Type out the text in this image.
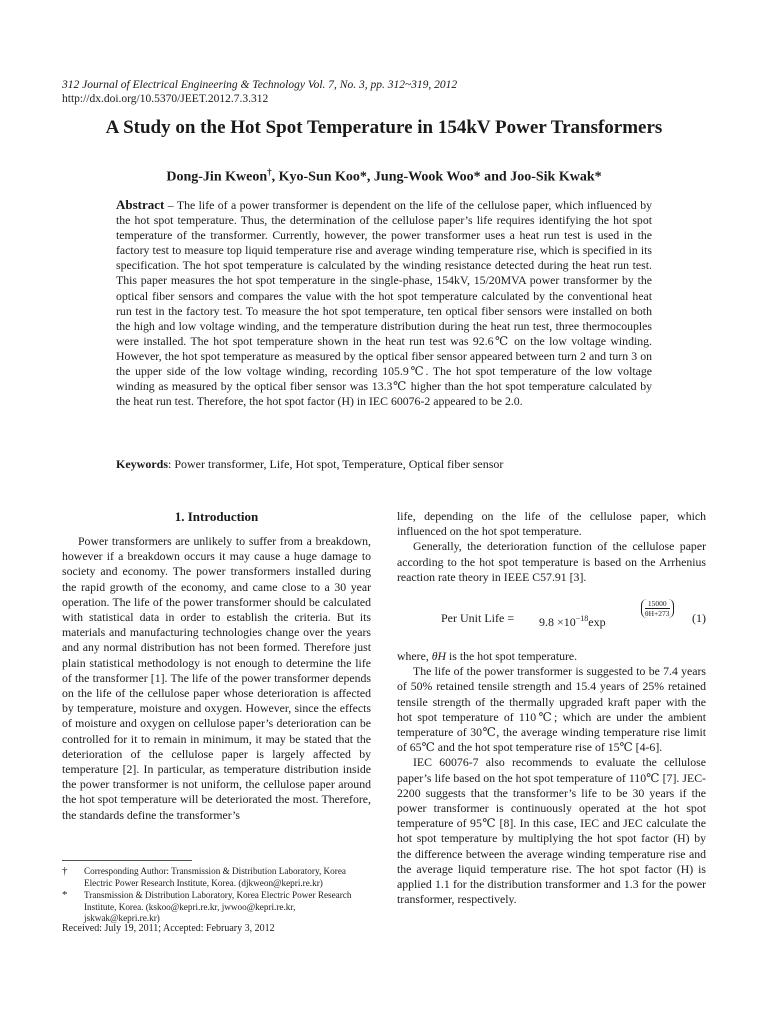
312 Journal of Electrical Engineering & Technology Vol. 7, No. 3, pp. 312~319, 2012
http://dx.doi.org/10.5370/JEET.2012.7.3.312
A Study on the Hot Spot Temperature in 154kV Power Transformers
Dong-Jin Kweon†, Kyo-Sun Koo*, Jung-Wook Woo* and Joo-Sik Kwak*
Abstract – The life of a power transformer is dependent on the life of the cellulose paper, which influenced by the hot spot temperature. Thus, the determination of the cellulose paper’s life requires identifying the hot spot temperature of the transformer. Currently, however, the power transformer uses a heat run test is used in the factory test to measure top liquid temperature rise and average winding temperature rise, which is specified in its specification. The hot spot temperature is calculated by the winding resistance detected during the heat run test. This paper measures the hot spot temperature in the single-phase, 154kV, 15/20MVA power transformer by the optical fiber sensors and compares the value with the hot spot temperature calculated by the conventional heat run test in the factory test. To measure the hot spot temperature, ten optical fiber sensors were installed on both the high and low voltage winding, and the temperature distribution during the heat run test, three thermocouples were installed. The hot spot temperature shown in the heat run test was 92.6℃ on the low voltage winding. However, the hot spot temperature as measured by the optical fiber sensor appeared between turn 2 and turn 3 on the upper side of the low voltage winding, recording 105.9℃. The hot spot temperature of the low voltage winding as measured by the optical fiber sensor was 13.3℃ higher than the hot spot temperature calculated by the heat run test. Therefore, the hot spot factor (H) in IEC 60076-2 appeared to be 2.0.
Keywords: Power transformer, Life, Hot spot, Temperature, Optical fiber sensor
1. Introduction

Power transformers are unlikely to suffer from a breakdown, however if a breakdown occurs it may cause a huge damage to society and economy. The power transformers installed during the rapid growth of the economy, and came close to a 30 year operation. The life of the power transformer should be calculated with statistical data in order to establish the criteria. But its materials and manufacturing technologies change over the years and any normal distribution has not been formed. Therefore just plain statistical methodology is not enough to determine the life of the transformer [1]. The life of the power transformer depends on the life of the cellulose paper whose deterioration is affected by temperature, moisture and oxygen. However, since the effects of moisture and oxygen on cellulose paper’s deterioration can be controlled for it to remain in minimum, it may be stated that the deterioration of the cellulose paper is largely affected by temperature [2]. In particular, as temperature distribution inside the power transformer is not uniform, the cellulose paper around the hot spot temperature will be deteriorated the most. Therefore, the standards define the transformer’s

life, depending on the life of the cellulose paper, which influenced on the hot spot temperature.

Generally, the deterioration function of the cellulose paper according to the hot spot temperature is based on the Arrhenius reaction rate theory in IEEE C57.91 [3].

Per Unit Life = $9.8 \times 10^{-18}\exp$
$\frac{15000}{\theta H+273} (1)$

where, θH is the hot spot temperature.

The life of the power transformer is suggested to be 7.4 years of 50% retained tensile strength and 15.4 years of 25% retained tensile strength of the thermally upgraded kraft paper with the hot spot temperature of 110℃; which are under the ambient temperature of 30℃, the average winding temperature rise limit of 65℃ and the hot spot temperature rise of 15℃ [4-6].

IEC 60076-7 also recommends to evaluate the cellulose paper’s life based on the hot spot temperature of 110℃ [7]. JEC-2200 suggests that the transformer’s life to be 30 years if the power transformer is continuously operated at the hot spot temperature of 95℃ [8]. In this case, IEC and JEC calculate the hot spot temperature by multiplying the hot spot factor (H) by the difference between the average winding temperature rise and the average liquid temperature rise. The hot spot factor (H) is applied 1.1 for the distribution transformer and 1.3 for the power transformer, respectively.

† Corresponding Author: Transmission & Distribution Laboratory, Korea Electric Power Research Institute, Korea. (djkweon@kepri.re.kr)
* Transmission & Distribution Laboratory, Korea Electric Power Research Institute, Korea. (kskoo@kepri.re.kr, jwwoo@kepri.re.kr, jskwak@kepri.re.kr)
Received: July 19, 2011; Accepted: February 3, 2012
